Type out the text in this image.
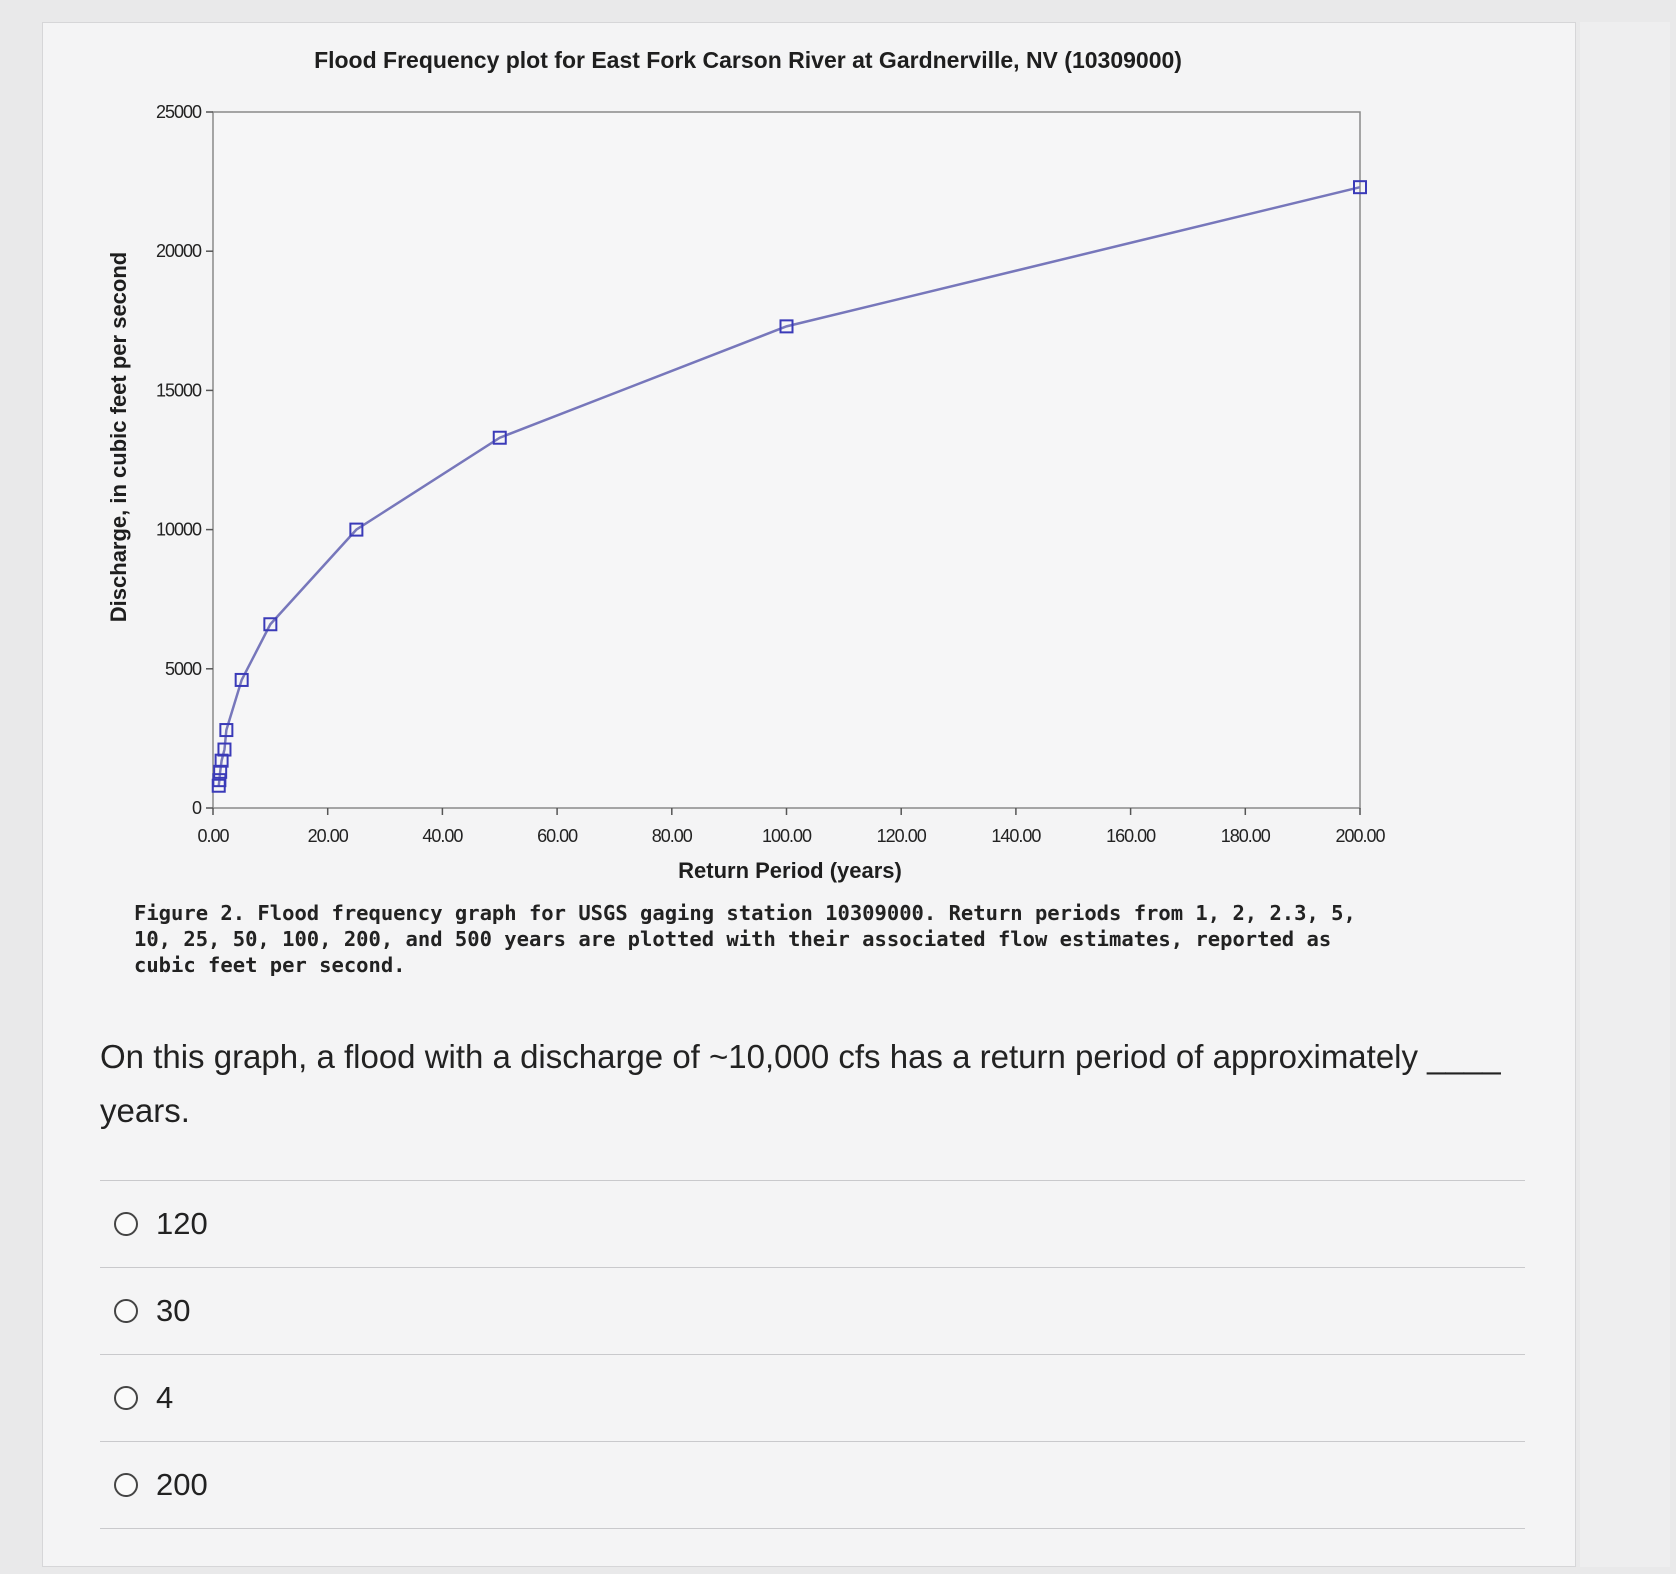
Flood Frequency plot for East Fork Carson River at Gardnerville, NV (10309000)
0
5000
10000
15000
20000
25000
0.00	20.00	40.00	60.00	80.00	100.00	120.00	140.00	160.00	180.00	200.00
Return Period (years)
Discharge, in cubic feet per second
Figure 2. Flood frequency graph for USGS gaging station 10309000. Return periods from 1, 2, 2.3, 5, 10, 25, 50, 100, 200, and 500 years are plotted with their associated flow estimates, reported as cubic feet per second.
On this graph, a flood with a discharge of ~10,000 cfs has a return period of approximately ____ years.
120
30
4
200
